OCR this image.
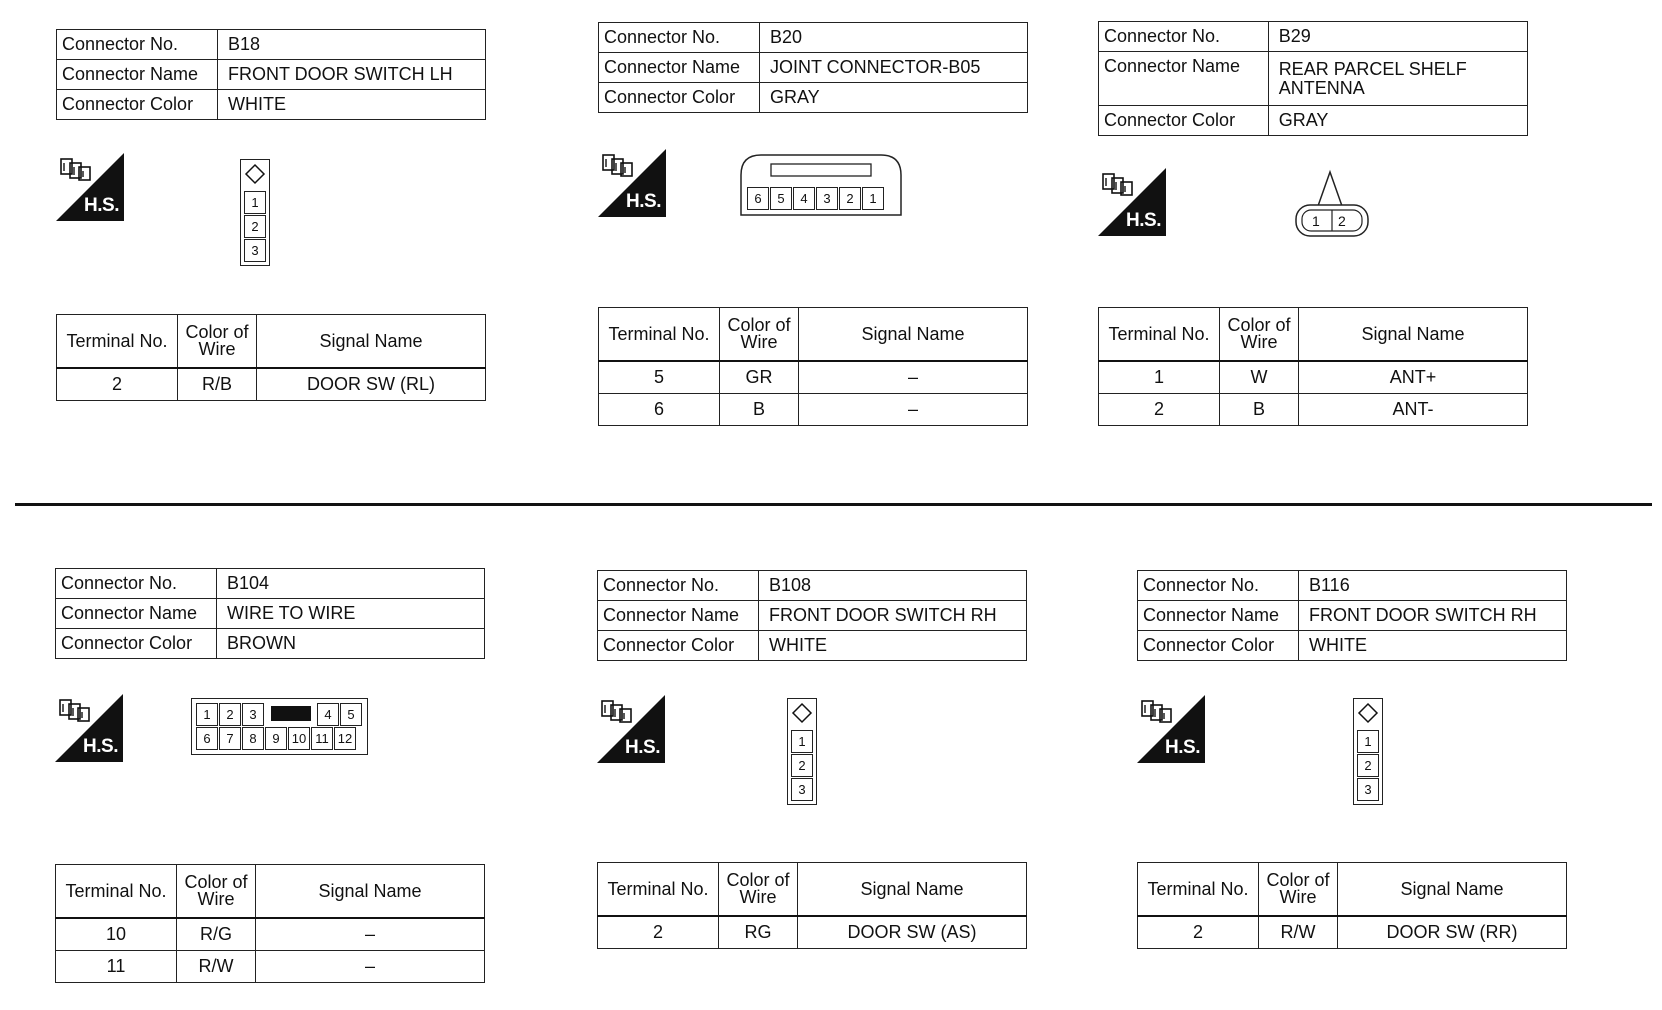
Connector No.	B18
Connector Name	FRONT DOOR SWITCH LH
Connector Color	WHITE
H.S.	1
2
3
Terminal No.	Color of Wire	Signal Name
2	R/B	DOOR SW (RL)
Connector No.	B20
Connector Name	JOINT CONNECTOR-B05
Connector Color	GRAY
H.S.	6	5	4	3	2	1
Terminal No.	Color of Wire	Signal Name
5	GR	–
6	B	–
Connector No.	B29
Connector Name	REAR PARCEL SHELF ANTENNA
Connector Color	GRAY
H.S.	1 2
Terminal No.	Color of Wire	Signal Name
1	W	ANT+
2	B	ANT-
Connector No.	B104
Connector Name	WIRE TO WIRE
Connector Color	BROWN
H.S.
1	2	3	4	5
6	7	8	9 10 11 12
Terminal No.	Color of Wire	Signal Name
10	R/G	–
11	R/W	–
Connector No.	B108
Connector Name	FRONT DOOR SWITCH RH
Connector Color	WHITE
H.S.	1
2
3
Terminal No.	Color of Wire	Signal Name
2	RG	DOOR SW (AS)
Connector No.	B116
Connector Name	FRONT DOOR SWITCH RH
Connector Color	WHITE
H.S.	1
2
3
Terminal No.	Color of Wire	Signal Name
2	R/W	DOOR SW (RR)
